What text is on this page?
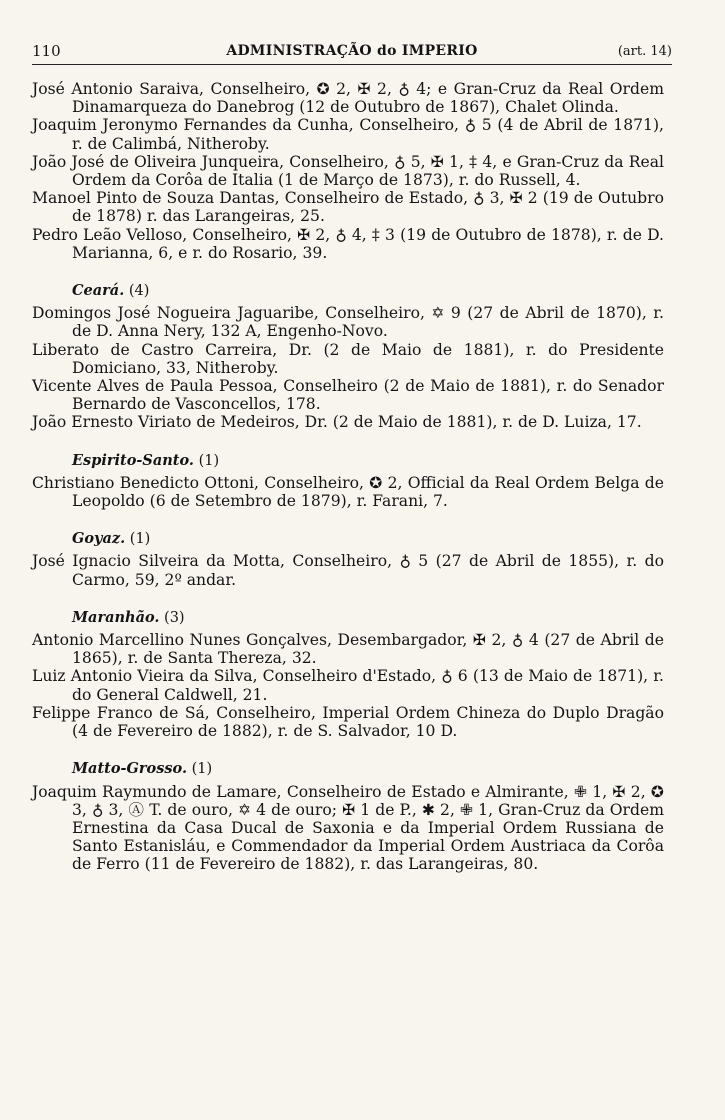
110	ADMINISTRAÇÃO do IMPERIO	(art. 14)

José Antonio Saraiva, Conselheiro, ✪ 2, ✠ 2, ♁ 4; e Gran-Cruz da Real Ordem Dinamarqueza do Danebrog (12 de Outubro de 1867), Chalet Olinda.

Joaquim Jeronymo Fernandes da Cunha, Conselheiro, ♁ 5 (4 de Abril de 1871), r. de Calimbá, Nitheroby.

João José de Oliveira Junqueira, Conselheiro, ♁ 5, ✠ 1, ‡ 4, e Gran-Cruz da Real Ordem da Corôa de Italia (1 de Março de 1873), r. do Russell, 4.

Manoel Pinto de Souza Dantas, Conselheiro de Estado, ♁ 3, ✠ 2 (19 de Outubro de 1878) r. das Larangeiras, 25.

Pedro Leão Velloso, Conselheiro, ✠ 2, ♁ 4, ‡ 3 (19 de Outubro de 1878), r. de D. Marianna, 6, e r. do Rosario, 39.

Ceará. (4)

Domingos José Nogueira Jaguaribe, Conselheiro, ✡ 9 (27 de Abril de 1870), r. de D. Anna Nery, 132 A, Engenho-Novo.

Liberato de Castro Carreira, Dr. (2 de Maio de 1881), r. do Presidente Domiciano, 33, Nitheroby.

Vicente Alves de Paula Pessoa, Conselheiro (2 de Maio de 1881), r. do Senador Bernardo de Vasconcellos, 178.

João Ernesto Viriato de Medeiros, Dr. (2 de Maio de 1881), r. de D. Luiza, 17.

Espirito-Santo. (1)

Christiano Benedicto Ottoni, Conselheiro, ✪ 2, Official da Real Ordem Belga de Leopoldo (6 de Setembro de 1879), r. Farani, 7.

Goyaz. (1)

José Ignacio Silveira da Motta, Conselheiro, ♁ 5 (27 de Abril de 1855), r. do Carmo, 59, 2º andar.

Maranhão. (3)

Antonio Marcellino Nunes Gonçalves, Desembargador, ✠ 2, ♁ 4 (27 de Abril de 1865), r. de Santa Thereza, 32.

Luiz Antonio Vieira da Silva, Conselheiro d'Estado, ♁ 6 (13 de Maio de 1871), r. do General Caldwell, 21.

Felippe Franco de Sá, Conselheiro, Imperial Ordem Chineza do Duplo Dragão (4 de Fevereiro de 1882), r. de S. Salvador, 10 D.

Matto-Grosso. (1)

Joaquim Raymundo de Lamare, Conselheiro de Estado e Almirante, ✙ 1, ✠ 2, ✪ 3, ♁ 3, Ⓐ T. de ouro, ✡ 4 de ouro; ✠ 1 de P., ✱ 2, ✙ 1, Gran-Cruz da Ordem Ernestina da Casa Ducal de Saxonia e da Imperial Ordem Russiana de Santo Estanisláu, e Commendador da Imperial Ordem Austriaca da Corôa de Ferro (11 de Fevereiro de 1882), r. das Larangeiras, 80.
